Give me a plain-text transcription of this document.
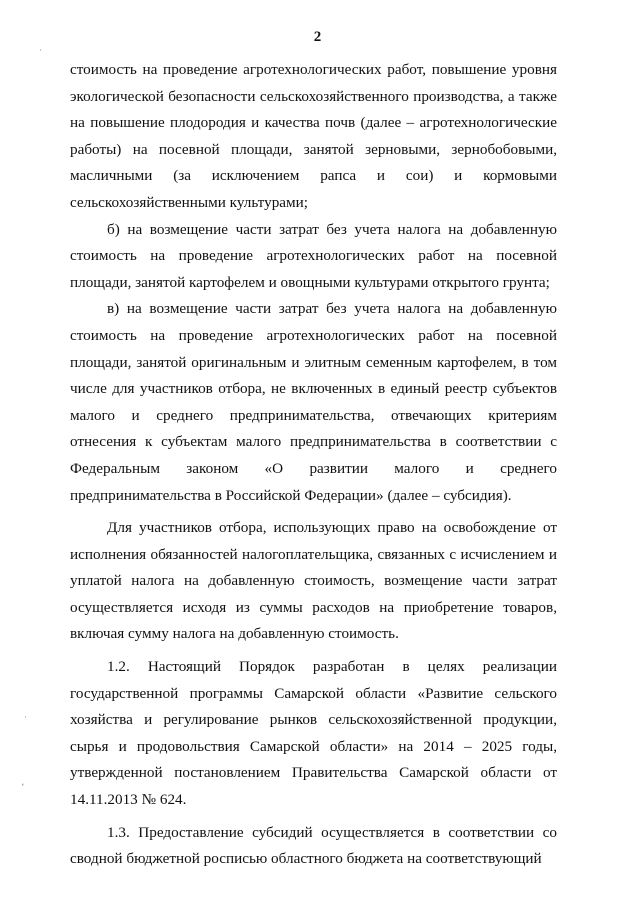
2
·
·
ʹ

стоимость на проведение агротехнологических работ, повышение уровня экологической безопасности сельскохозяйственного производства, а также на повышение плодородия и качества почв (далее – агротехнологические работы) на посевной площади, занятой зерновыми, зернобобовыми, масличными (за исключением рапса и сои) и кормовыми сельскохозяйственными культурами;

б) на возмещение части затрат без учета налога на добавленную стоимость на проведение агротехнологических работ на посевной площади, занятой картофелем и овощными культурами открытого грунта;

в) на возмещение части затрат без учета налога на добавленную стоимость на проведение агротехнологических работ на посевной площади, занятой оригинальным и элитным семенным картофелем, в том числе для участников отбора, не включенных в единый реестр субъектов малого и среднего предпринимательства, отвечающих критериям отнесения к субъектам малого предпринимательства в соответствии с Федеральным законом «О развитии малого и среднего предпринимательства в Российской Федерации» (далее – субсидия).

Для участников отбора, использующих право на освобождение от исполнения обязанностей налогоплательщика, связанных с исчислением и уплатой налога на добавленную стоимость, возмещение части затрат осуществляется исходя из суммы расходов на приобретение товаров, включая сумму налога на добавленную стоимость.

1.2. Настоящий Порядок разработан в целях реализации государственной программы Самарской области «Развитие сельского хозяйства и регулирование рынков сельскохозяйственной продукции, сырья и продовольствия Самарской области» на 2014 – 2025 годы, утвержденной постановлением Правительства Самарской области от 14.11.2013 № 624.

1.3. Предоставление субсидий осуществляется в соответствии со сводной бюджетной росписью областного бюджета на соответствующий
